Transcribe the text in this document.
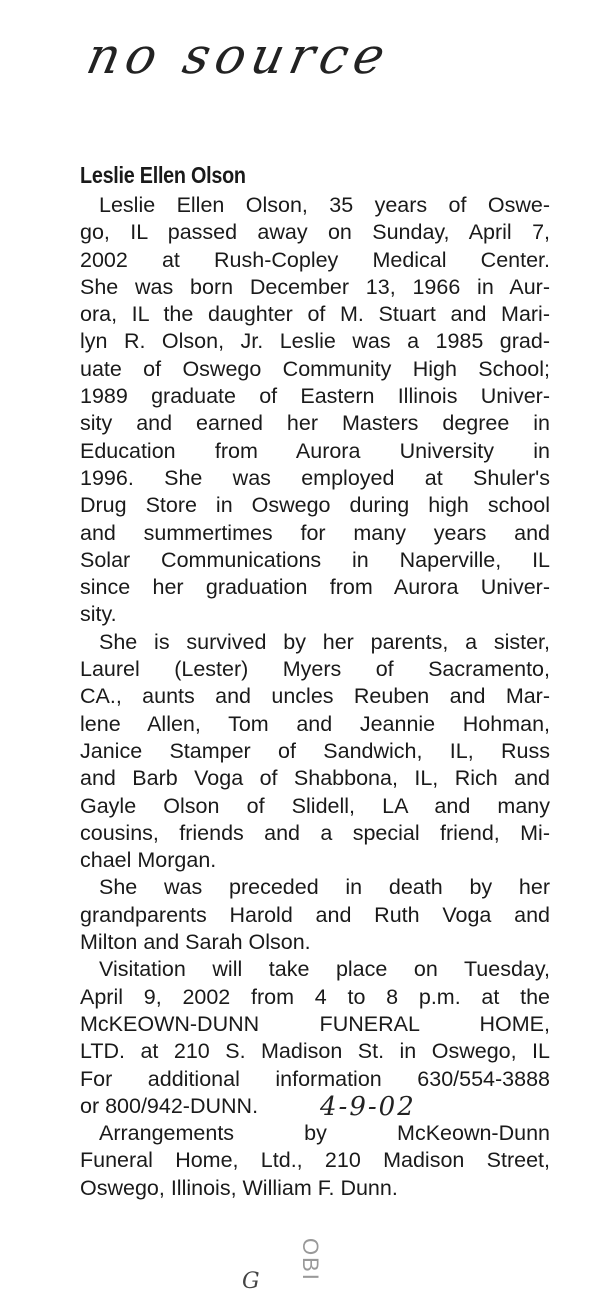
no source
Leslie Ellen Olson
Leslie Ellen Olson, 35 years of Oswe-
go, IL passed away on Sunday, April 7,
2002 at Rush-Copley Medical Center.
She was born December 13, 1966 in Aur-
ora, IL the daughter of M. Stuart and Mari-
lyn R. Olson, Jr. Leslie was a 1985 grad-
uate of Oswego Community High School;
1989 graduate of Eastern Illinois Univer-
sity and earned her Masters degree in
Education from Aurora University in
1996. She was employed at Shuler's
Drug Store in Oswego during high school
and summertimes for many years and
Solar Communications in Naperville, IL
since her graduation from Aurora Univer-
sity.
She is survived by her parents, a sister,
Laurel (Lester) Myers of Sacramento,
CA., aunts and uncles Reuben and Mar-
lene Allen, Tom and Jeannie Hohman,
Janice Stamper of Sandwich, IL, Russ
and Barb Voga of Shabbona, IL, Rich and
Gayle Olson of Slidell, LA and many
cousins, friends and a special friend, Mi-
chael Morgan.
She was preceded in death by her
grandparents Harold and Ruth Voga and
Milton and Sarah Olson.
Visitation will take place on Tuesday,
April 9, 2002 from 4 to 8 p.m. at the
McKEOWN-DUNN FUNERAL HOME,
LTD. at 210 S. Madison St. in Oswego, IL
For additional information 630/554-3888
or 800/942-DUNN.
Arrangements by McKeown-Dunn
Funeral Home, Ltd., 210 Madison Street,
Oswego, Illinois, William F. Dunn.
4-9-02
OBI
G
